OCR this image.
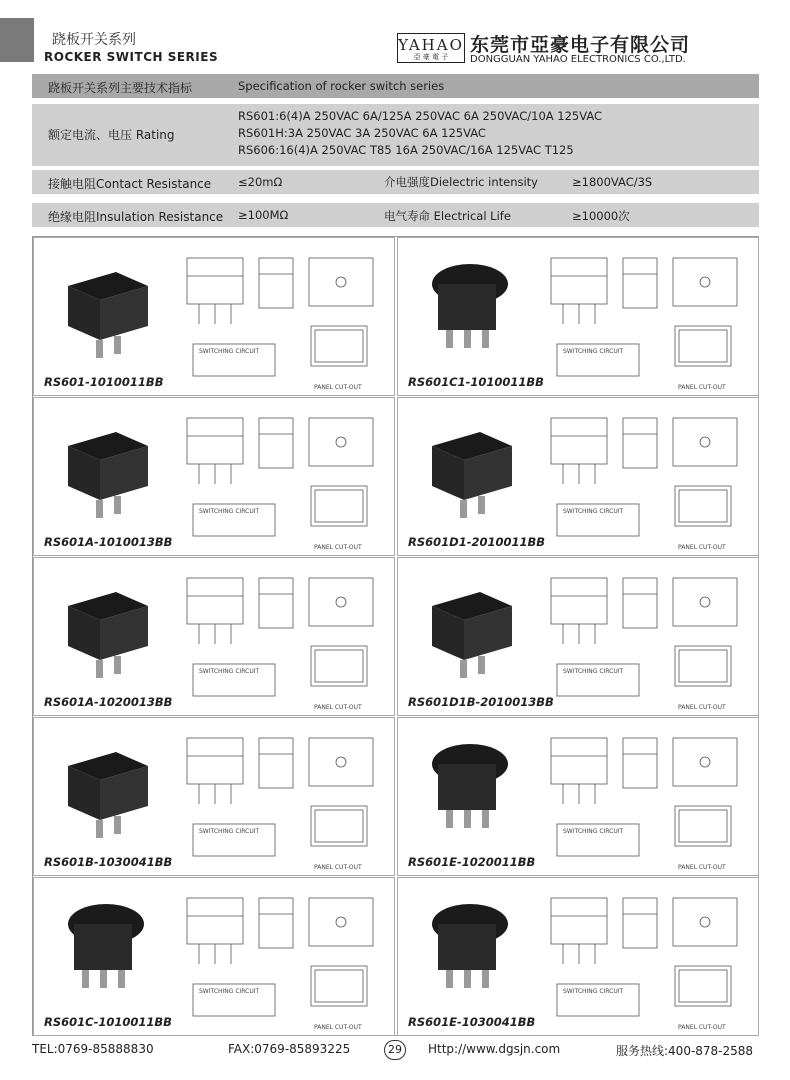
跷板开关系列
ROCKER SWITCH SERIES
YAHAO
亞 豪 電 子
东莞市亞豪电子有限公司
DONGGUAN YAHAO ELECTRONICS CO.,LTD.
跷板开关系列主要技术指标	Specification of rocker switch series
额定电流、电压 Rating
RS601:6(4)A 250VAC 6A/125A 250VAC 6A 250VAC/10A 125VAC
RS601H:3A 250VAC 3A 250VAC 6A 125VAC
RS606:16(4)A 250VAC T85 16A 250VAC/16A 125VAC T125
接触电阻Contact Resistance ≤20mΩ	介电强度Dielectric intensity	≥1800VAC/3S
绝缘电阻Insulation Resistance ≥100MΩ	电气寿命 Electrical Life	≥10000次
SWITCHING CIRCUIT
PANEL CUT-OUT
RS601-1010011BB
SWITCHING CIRCUIT
PANEL CUT-OUT
RS601C1-1010011BB
SWITCHING CIRCUIT
PANEL CUT-OUT
RS601A-1010013BB
SWITCHING CIRCUIT
PANEL CUT-OUT
RS601D1-2010011BB
SWITCHING CIRCUIT
PANEL CUT-OUT
RS601A-1020013BB
SWITCHING CIRCUIT
PANEL CUT-OUT
RS601D1B-2010013BB
SWITCHING CIRCUIT
PANEL CUT-OUT
RS601B-1030041BB
SWITCHING CIRCUIT
PANEL CUT-OUT
RS601E-1020011BB
SWITCHING CIRCUIT
PANEL CUT-OUT
RS601C-1010011BB
SWITCHING CIRCUIT
PANEL CUT-OUT
RS601E-1030041BB
TEL:0769-85888830	FAX:0769-85893225	29	Http://www.dgsjn.com	服务热线:400-878-2588
